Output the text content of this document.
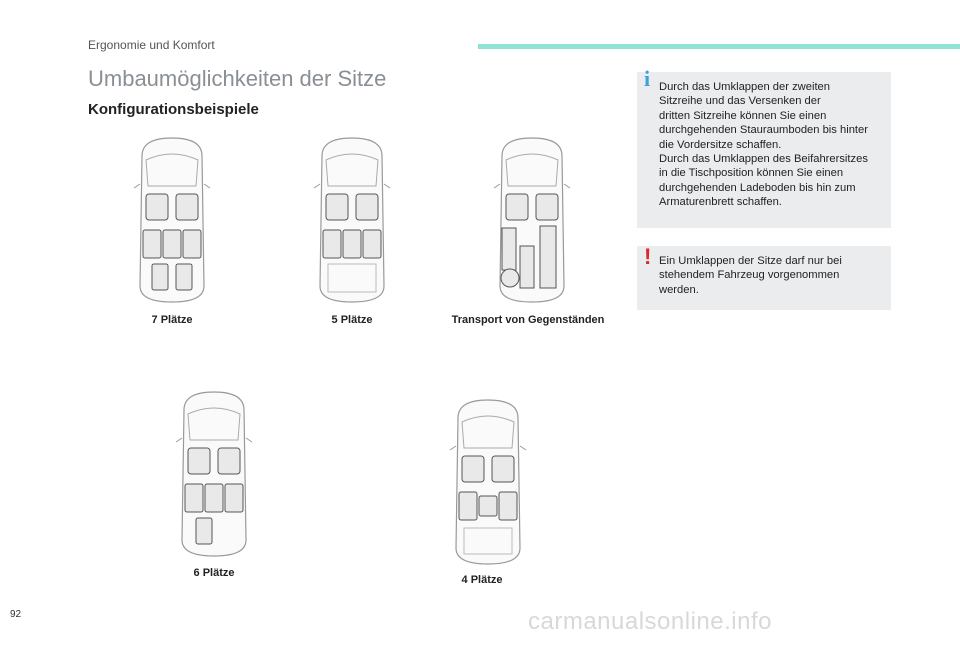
Ergonomie und Komfort
Umbaumöglichkeiten der Sitze
Konfigurationsbeispiele
7 Plätze	5 Plätze	Transport von Gegenständen
6 Plätze
4 Plätze
i Durch das Umklappen der zweiten
Sitzreihe und das Versenken der
dritten Sitzreihe können Sie einen
durchgehenden Stauraumboden bis hinter
die Vordersitze schaffen.
Durch das Umklappen des Beifahrersitzes
in die Tischposition können Sie einen
durchgehenden Ladeboden bis hin zum
Armaturenbrett schaffen.
! Ein Umklappen der Sitze darf nur bei
stehendem Fahrzeug vorgenommen
werden.
92	carmanualsonline.info
